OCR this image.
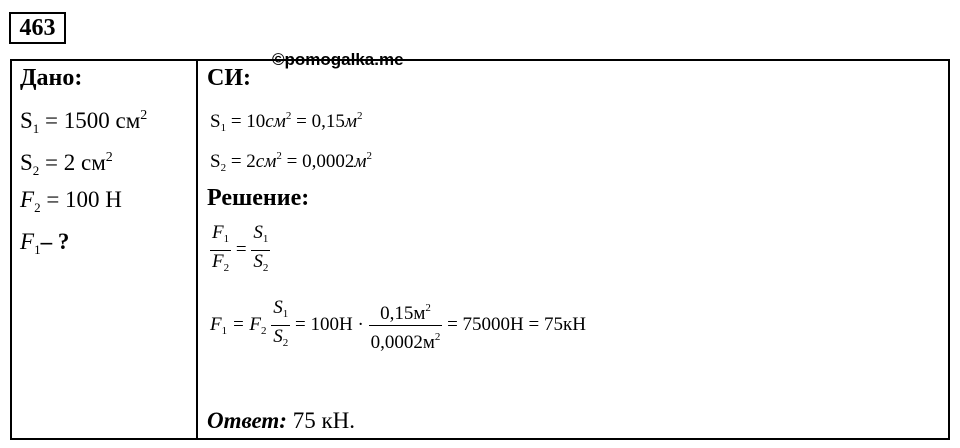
463
©pomogalka.me
Дано:
$S_1 = 1500$ $см^2$
$S_2 = 2$ $см^2$
$F_2 = 100$ Н
$F_1-$ ?
СИ:
$S_1 = 10см^2 = 0,15м^2$
$S_2 = 2см^2 = 0,0002м^2$
Решение:
$\frac{F_1}{F_2} = \frac{S_1}{S_2}$
$F_1 = F_2 \frac{S_1}{S_2} = 100H \cdot \frac{0,15м^2}{0,0002м^2} = 75000H = 75кН$
Ответ: 75 кН.
